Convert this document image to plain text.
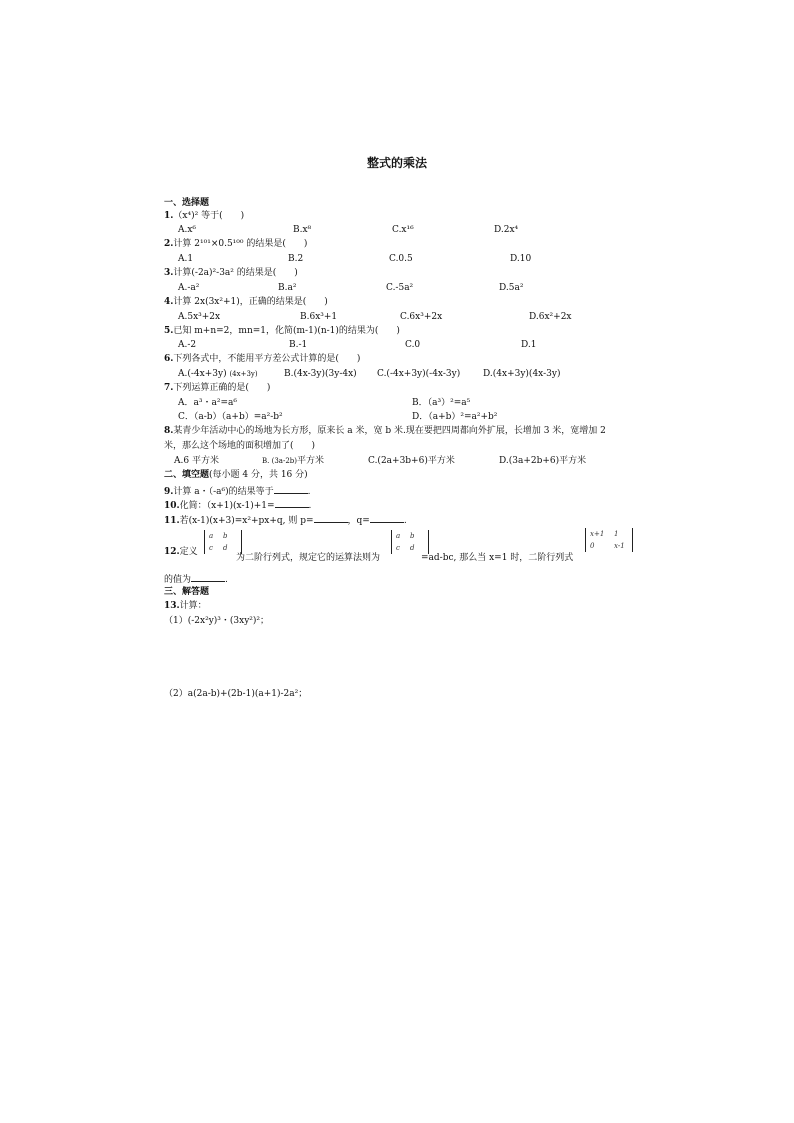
整式的乘法
一、选择题
1.（x⁴)² 等于(　　)
A.x⁶	B.x⁸	C.x¹⁶	D.2x⁴
2.计算 2¹⁰¹×0.5¹⁰⁰ 的结果是(　　)
A.1	B.2	C.0.5	D.10
3.计算(-2a)²-3a² 的结果是(　　)
A.-a²	B.a²	C.-5a²	D.5a²
4.计算 2x(3x²+1)，正确的结果是(　　)
A.5x³+2x	B.6x³+1	C.6x³+2x	D.6x²+2x
5.已知 m+n=2，mn=1，化简(m-1)(n-1)的结果为(　　)
A.-2	B.-1	C.0	D.1
6.下列各式中，不能用平方差公式计算的是(　　)
A.(-4x+3y) (4x+3y)	B.(4x-3y)(3y-4x) C.(-4x+3y)(-4x-3y)	D.(4x+3y)(4x-3y)
7.下列运算正确的是(　　)
A．a³・a²=a⁶	B．（a³）²=a⁵
C．（a-b）（a+b）=a²-b²	D．（a+b）²=a²+b²
8.某青少年活动中心的场地为长方形，原来长 a 米，宽 b 米.现在要把四周都向外扩展，长增加 3 米，宽增加 2
米，那么这个场地的面积增加了(　　)
A.6 平方米	B. (3a-2b)平方米	C.(2a+3b+6)平方米	D.(3a+2b+6)平方米
二、填空题(每小题 4 分，共 16 分)
9.计算 a・（-a⁶)的结果等于	.
10.化简：（x+1)(x-1)+1=	.
11.若(x-1)(x+3)=x²+px+q, 则 p=	，q=	.
12.定义
a b
c d
为二阶行列式，规定它的运算法则为
a b
c d
=ad-bc, 那么当 x=1 时，二阶行列式
x+1 1
0	x-1
的值为	.
三、解答题
13.计算：
（1）(-2x²y)³・(3xy²)²；
（2）a(2a-b)+(2b-1)(a+1)-2a²；
